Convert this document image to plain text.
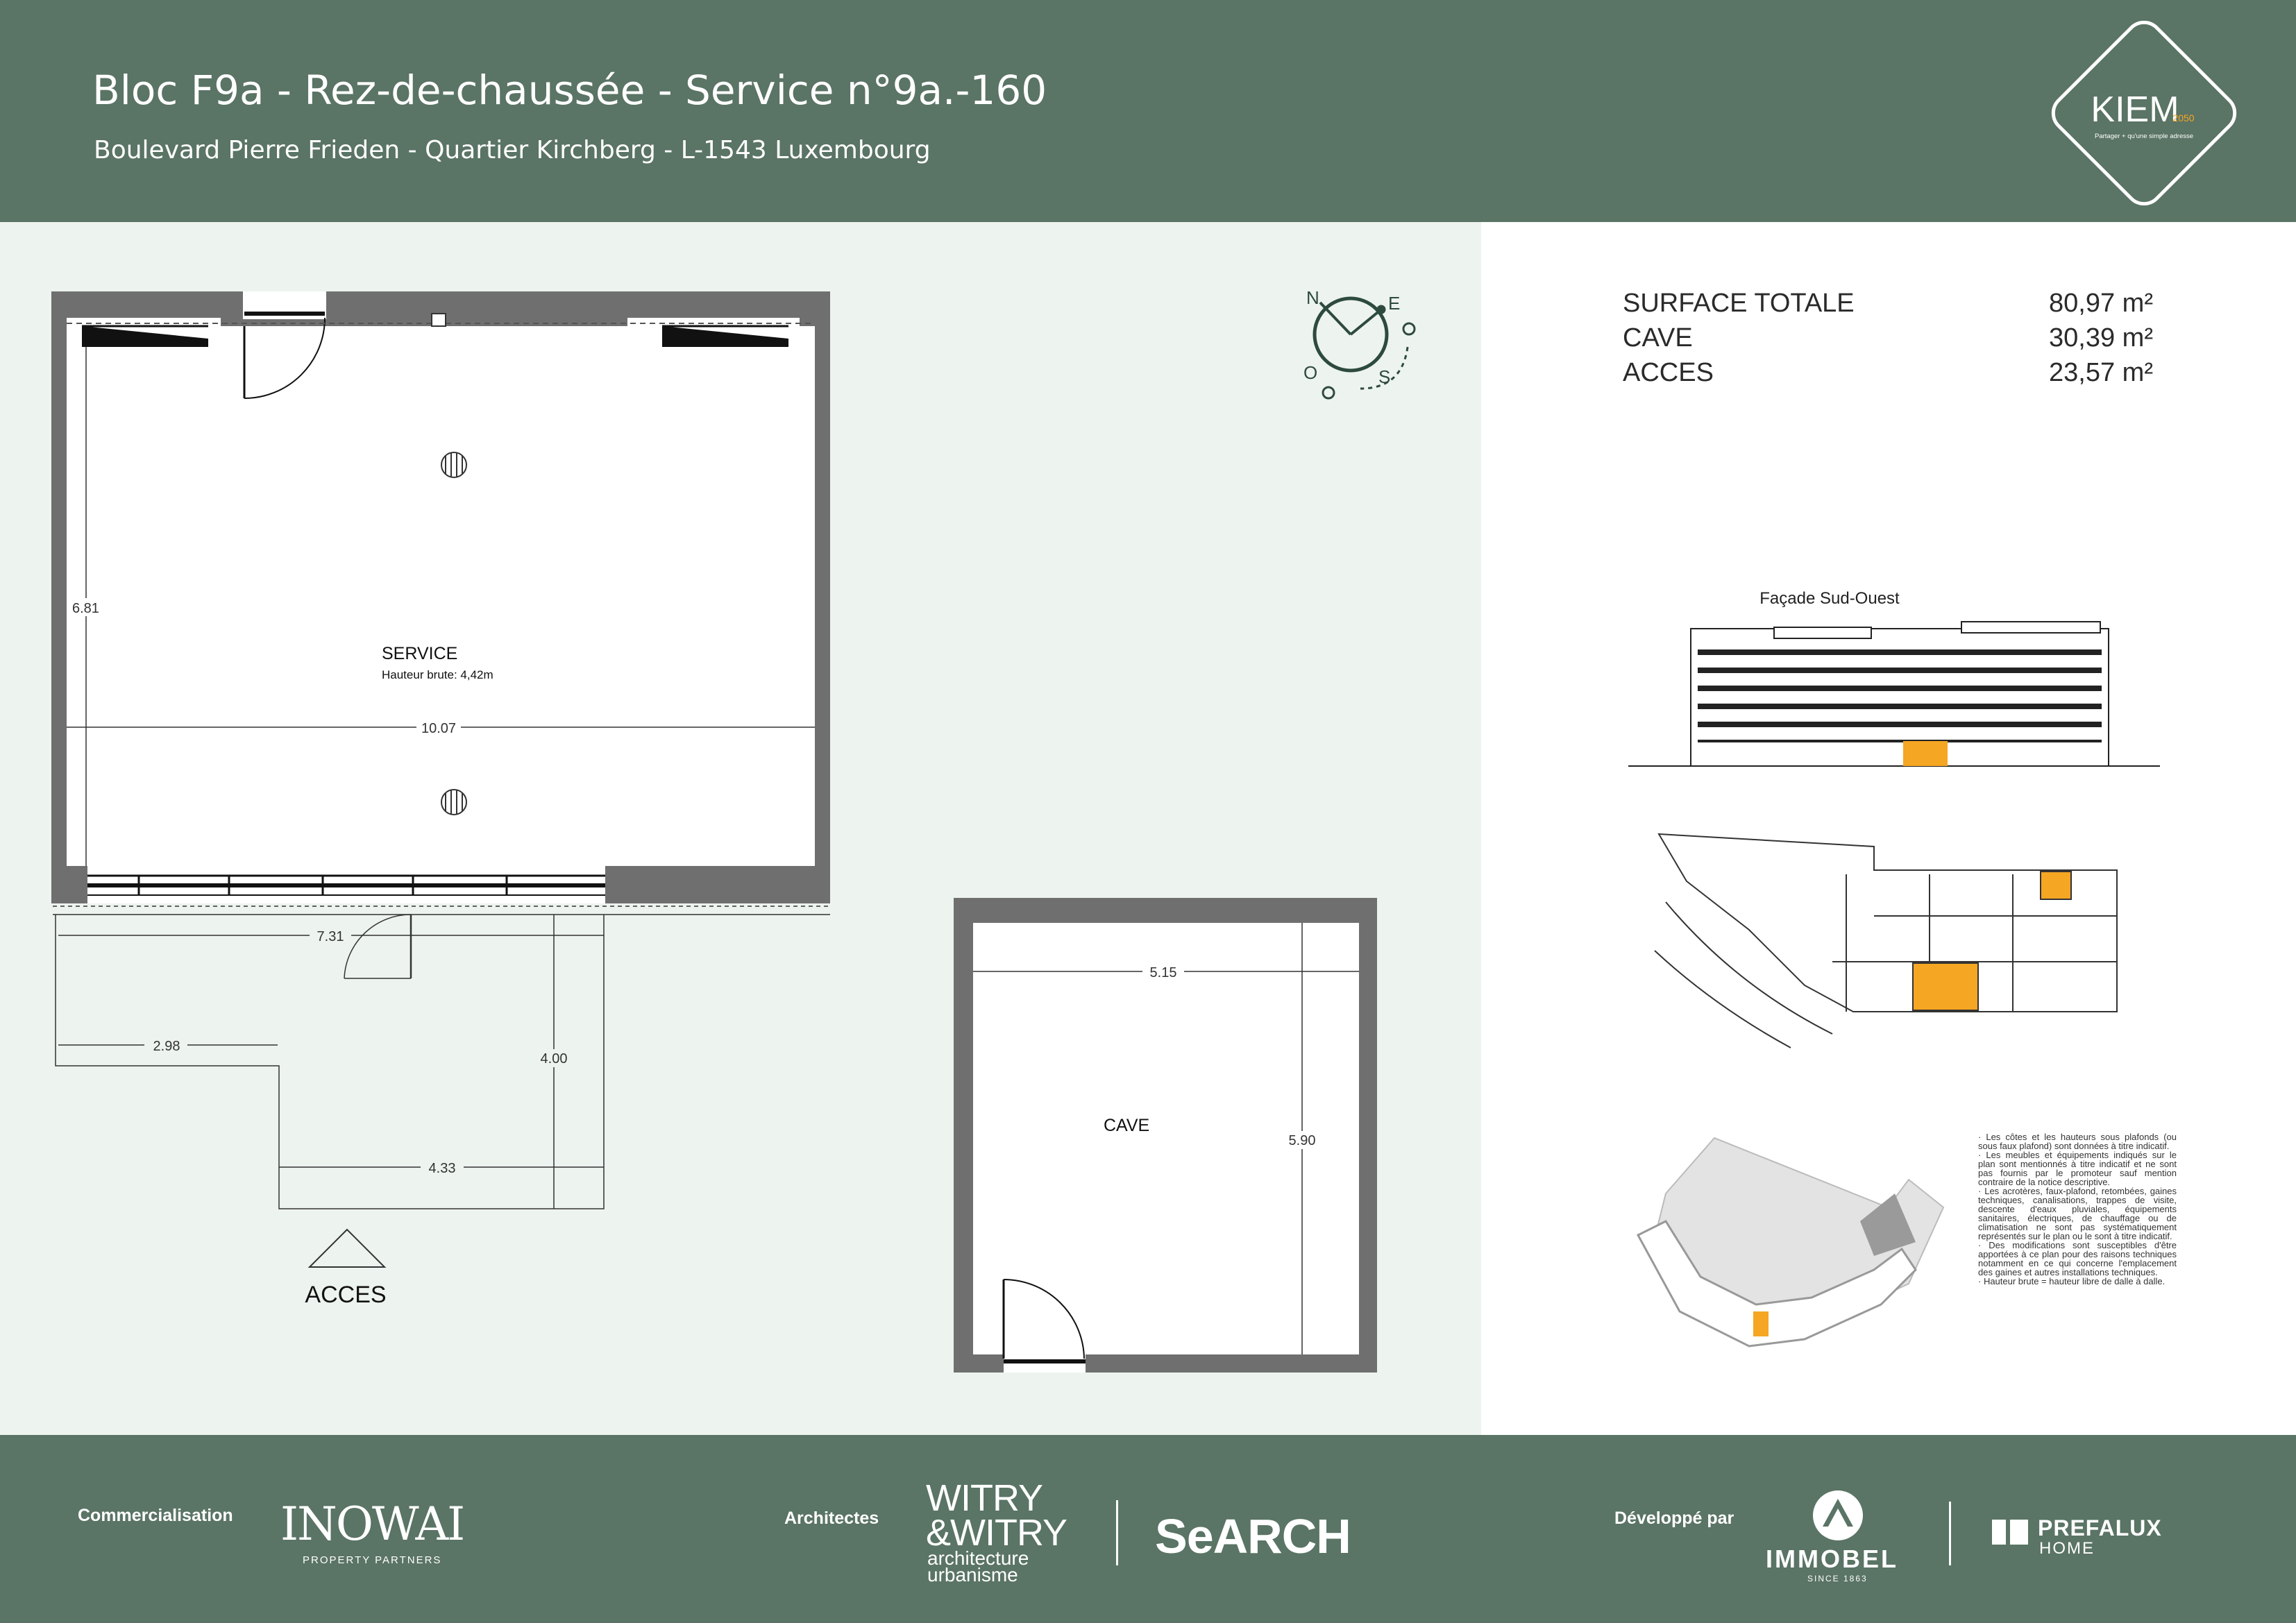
Bloc F9a - Rez-de-chaussée - Service n°9a.-160
Boulevard Pierre Frieden - Quartier Kirchberg - L-1543 Luxembourg
KIEM
2050
Partager + qu'une simple adresse
6.81
10.07
SERVICE
Hauteur brute: 4,42m
7.31
2.98
4.00
4.33
ACCES
5.15
5.90
CAVE
N	E
O	S
Façade Sud-Ouest
SURFACE TOTALE	80,97 m²
CAVE	30,39 m²
ACCES	23,57 m²
· Les côtes et les hauteurs sous plafonds (ou sous faux plafond) sont données à titre indicatif.
· Les meubles et équipements indiqués sur le plan sont mentionnés à titre indicatif et ne sont pas fournis par le promoteur sauf mention contraire de la notice descriptive.
· Les acrotères, faux-plafond, retombées, gaines techniques, canalisations, trappes de visite, descente d'eaux pluviales, équipements sanitaires, électriques, de chauffage ou de climatisation ne sont pas systématiquement représentés sur le plan ou le sont à titre indicatif.
· Des modifications sont susceptibles d'être apportées à ce plan pour des raisons techniques notamment en ce qui concerne l'emplacement des gaines et autres installations techniques.
· Hauteur brute = hauteur libre de dalle à dalle.
Commercialisation INOWAI
PROPERTY PARTNERS
Architectes WITRY
&WITRY
architecture
urbanisme
SeARCH	Développé par
IMMOBEL
SINCE 1863
PREFALUX
HOME
